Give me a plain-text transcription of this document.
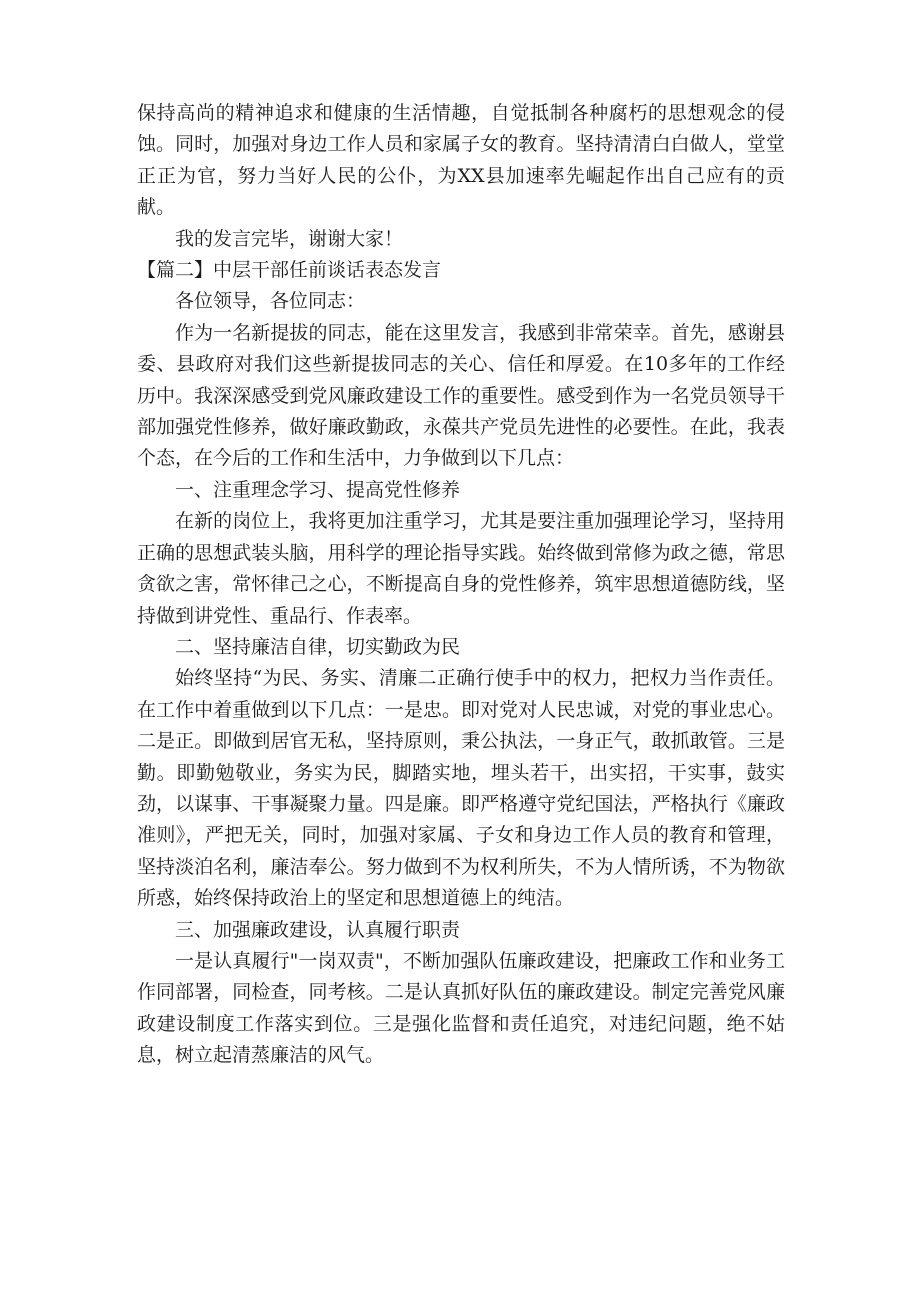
保持高尚的精神追求和健康的生活情趣，自觉抵制各种腐朽的思想观念的侵蚀。同时，加强对身边工作人员和家属子女的教育。坚持清清白白做人，堂堂正正为官，努力当好人民的公仆，为XX县加速率先崛起作出自己应有的贡献。

我的发言完毕，谢谢大家！

【篇二】中层干部任前谈话表态发言

各位领导，各位同志：

作为一名新提拔的同志，能在这里发言，我感到非常荣幸。首先，感谢县委、县政府对我们这些新提拔同志的关心、信任和厚爱。在10多年的工作经历中。我深深感受到党风廉政建设工作的重要性。感受到作为一名党员领导干部加强党性修养，做好廉政勤政，永葆共产党员先进性的必要性。在此，我表个态，在今后的工作和生活中，力争做到以下几点：

一、注重理念学习、提高党性修养

在新的岗位上，我将更加注重学习，尤其是要注重加强理论学习，坚持用正确的思想武装头脑，用科学的理论指导实践。始终做到常修为政之德，常思贪欲之害，常怀律己之心，不断提高自身的党性修养，筑牢思想道德防线，坚持做到讲党性、重品行、作表率。

二、坚持廉洁自律，切实勤政为民

始终坚持“为民、务实、清廉二正确行使手中的权力，把权力当作责任。在工作中着重做到以下几点：一是忠。即对党对人民忠诚，对党的事业忠心。二是正。即做到居官无私，坚持原则，秉公执法，一身正气，敢抓敢管。三是勤。即勤勉敬业，务实为民，脚踏实地，埋头若干，出实招，干实事，鼓实劲，以谋事、干事凝聚力量。四是廉。即严格遵守党纪国法，严格执行《廉政准则》，严把无关，同时，加强对家属、子女和身边工作人员的教育和管理，坚持淡泊名利，廉洁奉公。努力做到不为权利所失，不为人情所诱，不为物欲所惑，始终保持政治上的坚定和思想道德上的纯洁。

三、加强廉政建设，认真履行职责

一是认真履行"一岗双责"，不断加强队伍廉政建设，把廉政工作和业务工作同部署，同检查，同考核。二是认真抓好队伍的廉政建设。制定完善党风廉政建设制度工作落实到位。三是强化监督和责任追究，对违纪问题，绝不姑息，树立起清蒸廉洁的风气。
